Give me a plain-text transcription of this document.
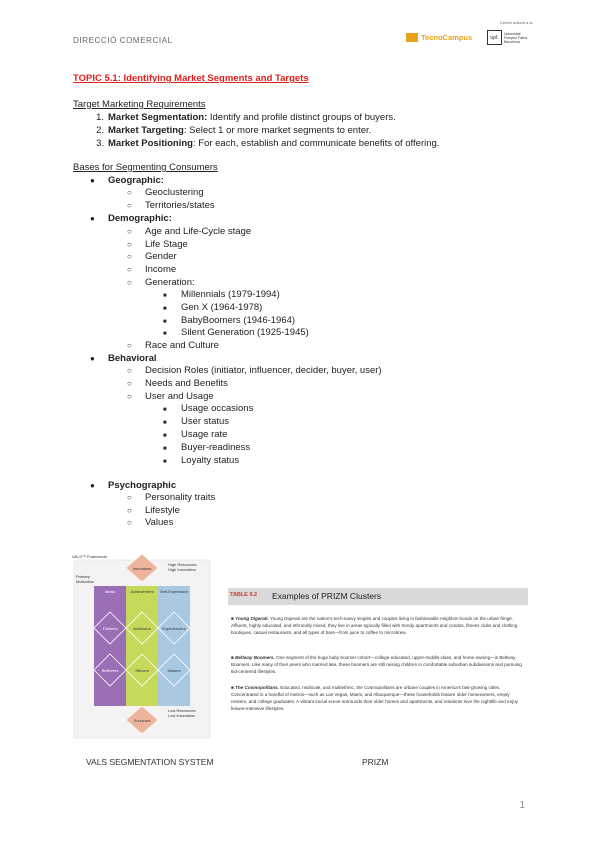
DIRECCIÓ COMERCIAL	TecnoCampus
Centre adscrit a la
upf.
Universitat
Pompeu Fabra
Barcelona
TOPIC 5.1: Identifying Market Segments and Targets
Target Marketing Requirements
1. Market Segmentation: Identify and profile distinct groups of buyers.
2. Market Targeting: Select 1 or more market segments to enter.
3. Market Positioning: For each, establish and communicate benefits of offering.
Bases for Segmenting Consumers
● Geographic:
○ Geoclustering
○ Territories/states
● Demographic:
○ Age and Life-Cycle stage
○ Life Stage
○ Gender
○ Income
○ Generation:
■ Millennials (1979-1994)
■ Gen X (1964-1978)
■ BabyBoomers (1946-1964)
■ Silent Generation (1925-1945)
○ Race and Culture
● Behavioral
○ Decision Roles (initiator, influencer, decider, buyer, user)
○ Needs and Benefits
○ User and Usage
■ Usage occasions
■ User status
■ Usage rate
■ Buyer-readiness
■ Loyalty status
● Psychographic
○ Personality traits
○ Lifestyle
○ Values
VALS™ Framework
Innovators
High Resources
High Innovation
Primary
Motivation
Ideals	Achievement Self-Expression
Thinkers	Achievers	Experiencers
Believers	Strivers	Makers
Survivors
Low Resources
Low Innovation
TABLE 9.2 Examples of PRIZM Clusters
■ Young Digerati. Young Digerati are the nation's tech-savvy singles and couples living in fashionable neighbor-hoods on the urban fringe. Affluent, highly educated, and ethnically mixed, they live in areas typically filled with trendy apartments and condos, fitness clubs and clothing boutiques, casual restaurants, and all types of bars—from juice to coffee to microbrew.
■ Beltway Boomers. One segment of the huge baby boomer cohort—college-educated, upper-middle-class, and home-owning—is Beltway Boomers. Like many of their peers who married late, these boomers are still raising children in comfortable suburban subdivisions and pursuing kid-centered lifestyles.
■ The Cosmopolitans. Educated, midscale, and multiethnic, the Cosmopolitans are urbane couples in America's fast-growing cities. Concentrated in a handful of metros—such as Las Vegas, Miami, and Albuquerque—these households feature older homeowners, empty nesters, and college graduates. A vibrant social scene surrounds their older homes and apartments, and residents love the nightlife and enjoy leisure-intensive lifestyles.
VALS SEGMENTATION SYSTEM	PRIZM
1
